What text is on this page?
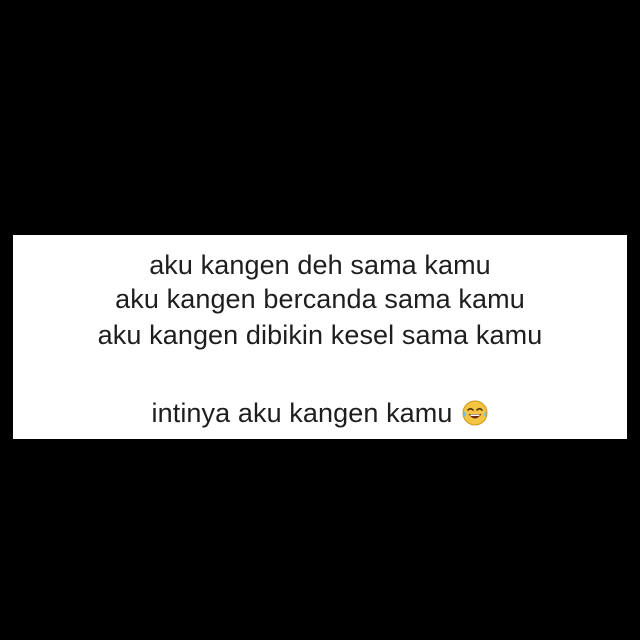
aku kangen deh sama kamu
aku kangen bercanda sama kamu
aku kangen dibikin kesel sama kamu
intinya aku kangen kamu
